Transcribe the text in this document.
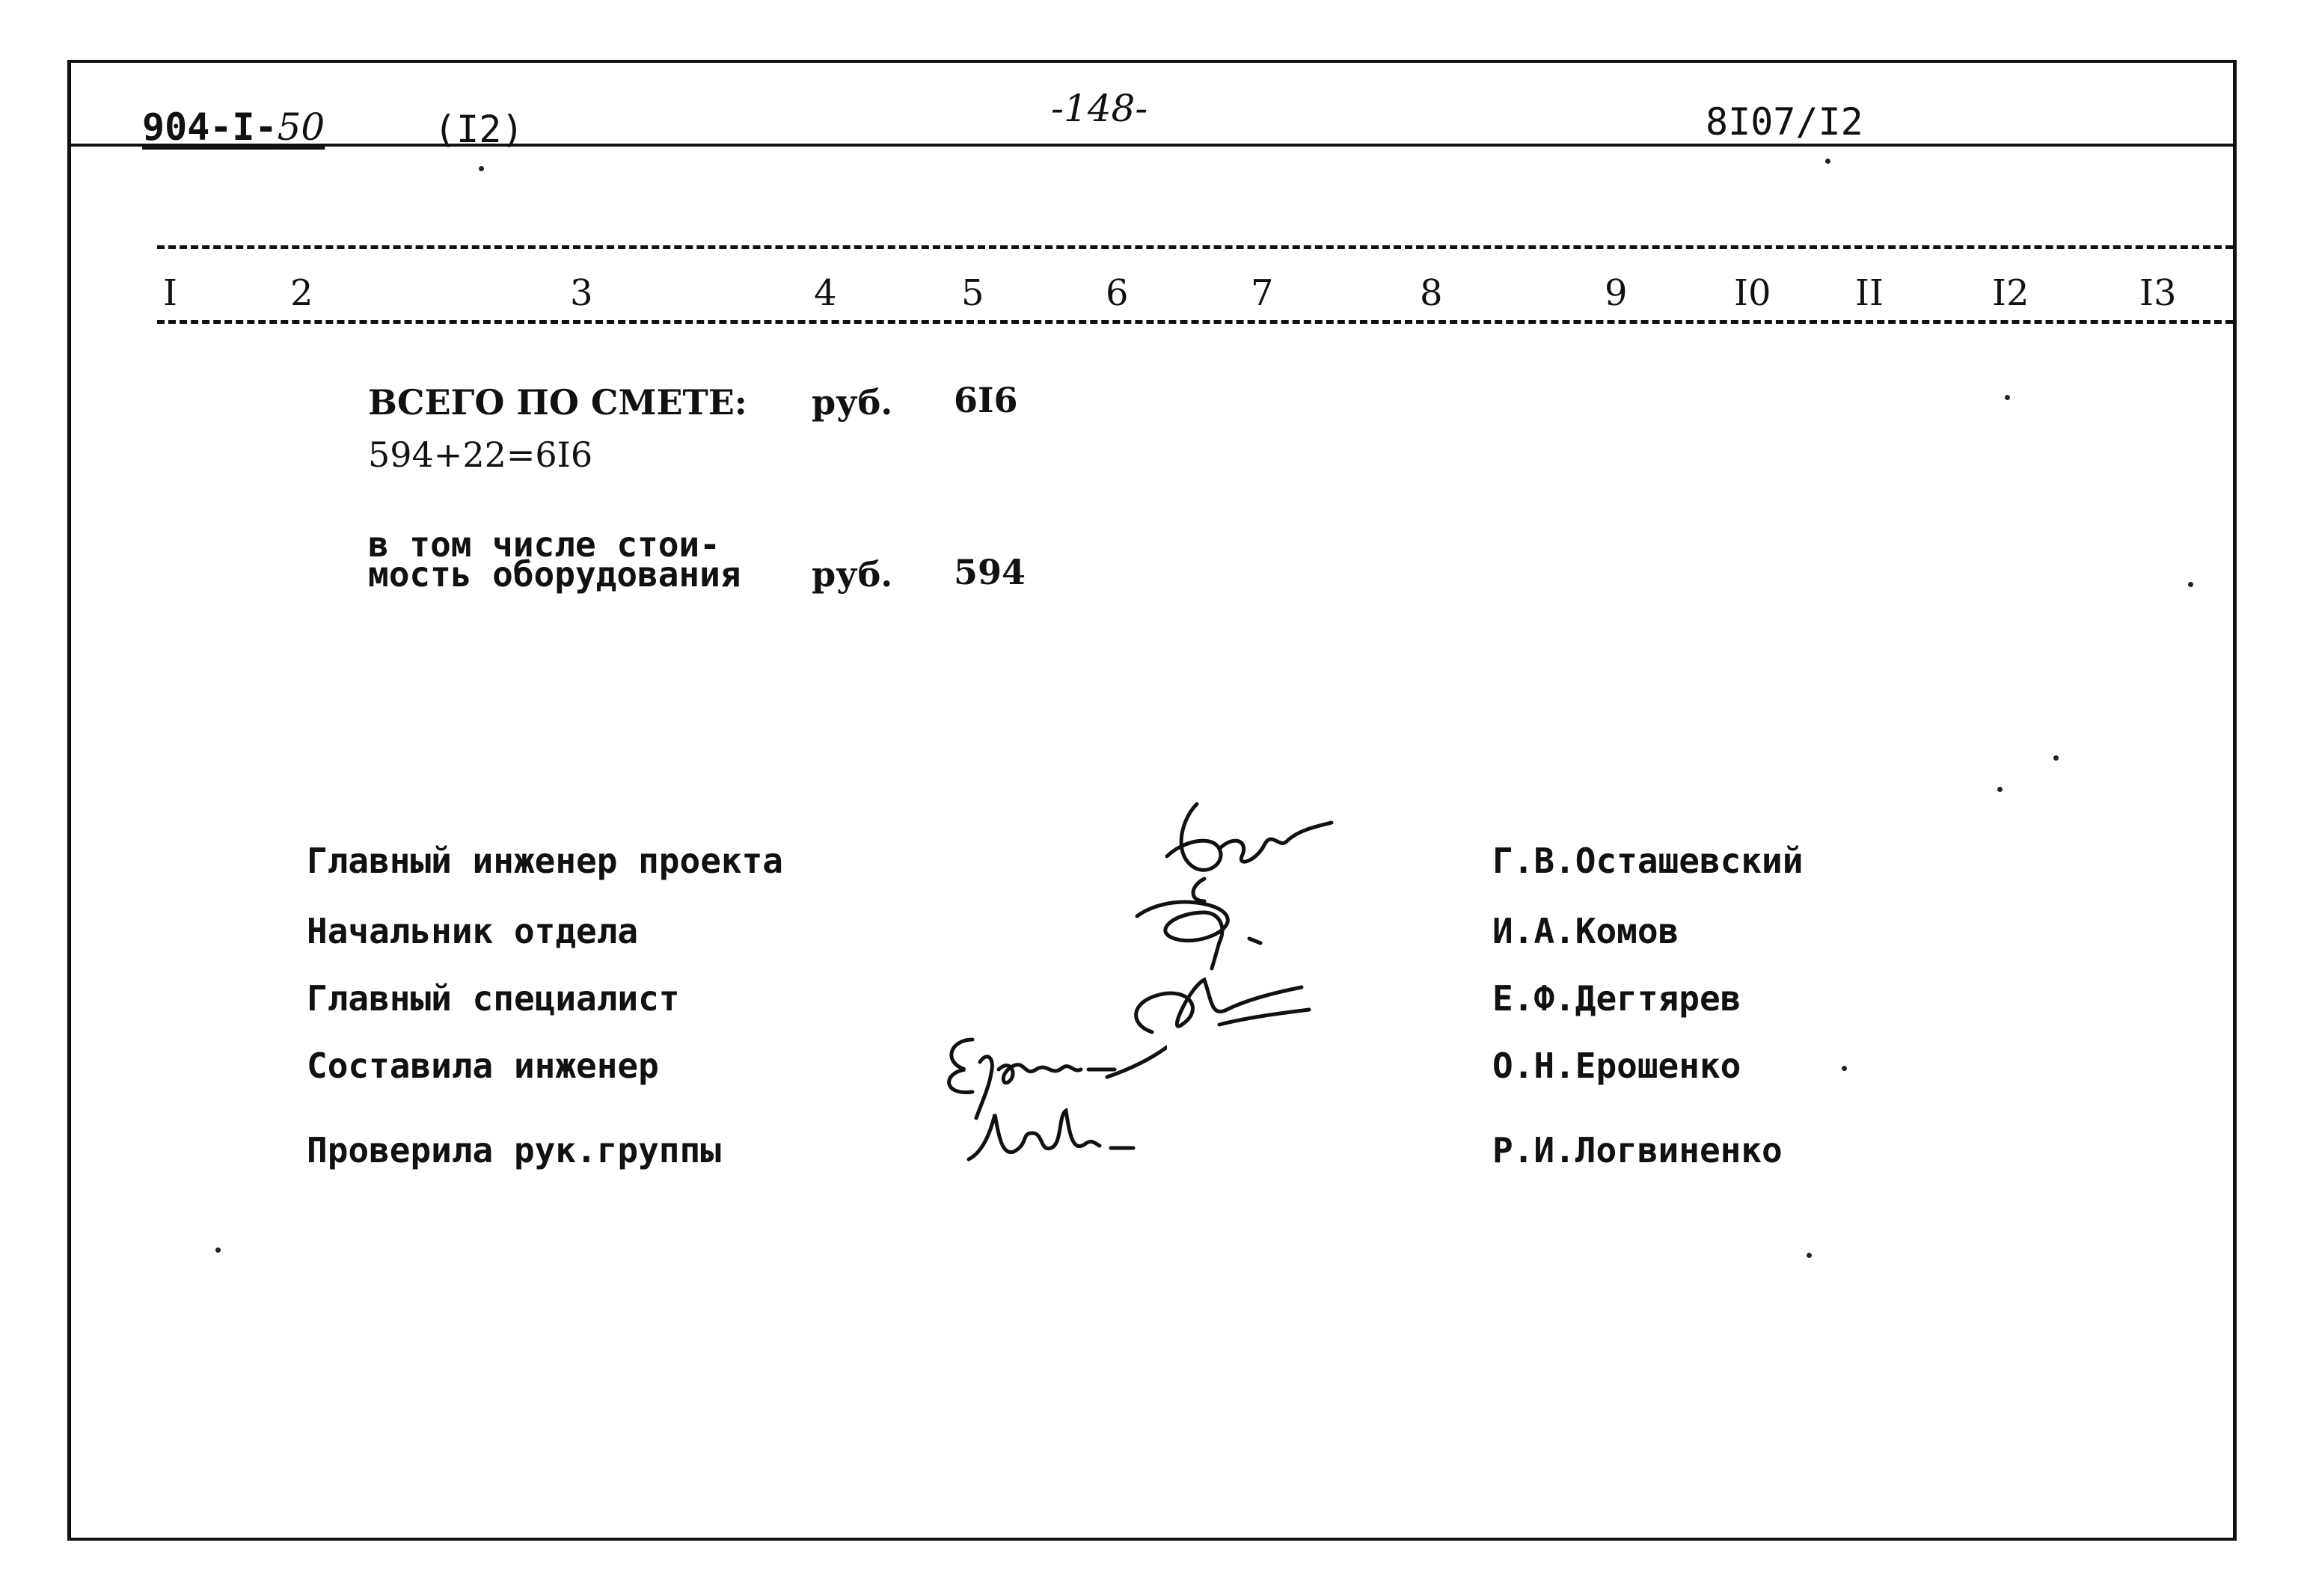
904-I-50	(I2)	-148-	8I07/I2
I	2	3	4	5	6	7	8	9	I0 II	I2	I3
ВСЕГО ПО СМЕТЕ: руб. 6I6
594+22=6I6
в том числе стои-
мость оборудования руб. 594
Главный инженер проекта	Г.В.Осташевский
Начальник отдела	И.А.Комов
Главный специалист	Е.Ф.Дегтярев
Составила инженер	О.Н.Ерошенко
Проверила рук.группы	Р.И.Логвиненко
